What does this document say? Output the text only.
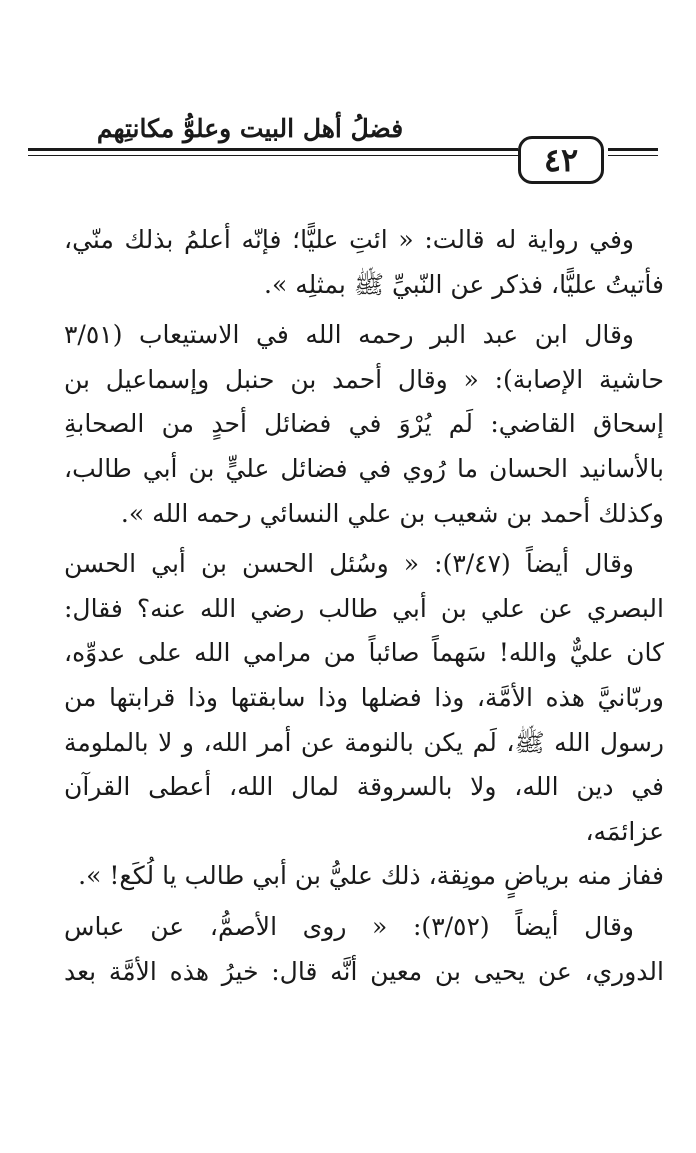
فضلُ أهل البيت وعلوُّ مكانتِهم
٤٢

وفي رواية له قالت: « ائتِ عليًّا؛ فإنّه أعلمُ بذلك منّي،

فأتيتُ عليًّا، فذكر عن النّبيِّ ﷺ بمثلِه ».

وقال ابن عبد البر رحمه الله في الاستيعاب (٣/٥١

حاشية الإصابة): « وقال أحمد بن حنبل وإسماعيل بن

إسحاق القاضي: لَم يُرْوَ في فضائل أحدٍ من الصحابةِ

بالأسانيد الحسان ما رُوي في فضائل عليٍّ بن أبي طالب،

وكذلك أحمد بن شعيب بن علي النسائي رحمه الله ».

وقال أيضاً (٣/٤٧): « وسُئل الحسن بن أبي الحسن

البصري عن علي بن أبي طالب رضي الله عنه؟ فقال:

كان عليٌّ والله! سَهماً صائباً من مرامي الله على عدوِّه،

وربّانيَّ هذه الأمَّة، وذا فضلها وذا سابقتها وذا قرابتها من

رسول الله ﷺ، لَم يكن بالنومة عن أمر الله، و لا بالملومة

في دين الله، ولا بالسروقة لمال الله، أعطى القرآن عزائمَه،

ففاز منه برياضٍ مونِقة، ذلك عليُّ بن أبي طالب يا لُكَع! ».

وقال أيضاً (٣/٥٢): « روى الأصمُّ، عن عباس

الدوري، عن يحيى بن معين أنَّه قال: خيرُ هذه الأمَّة بعد
